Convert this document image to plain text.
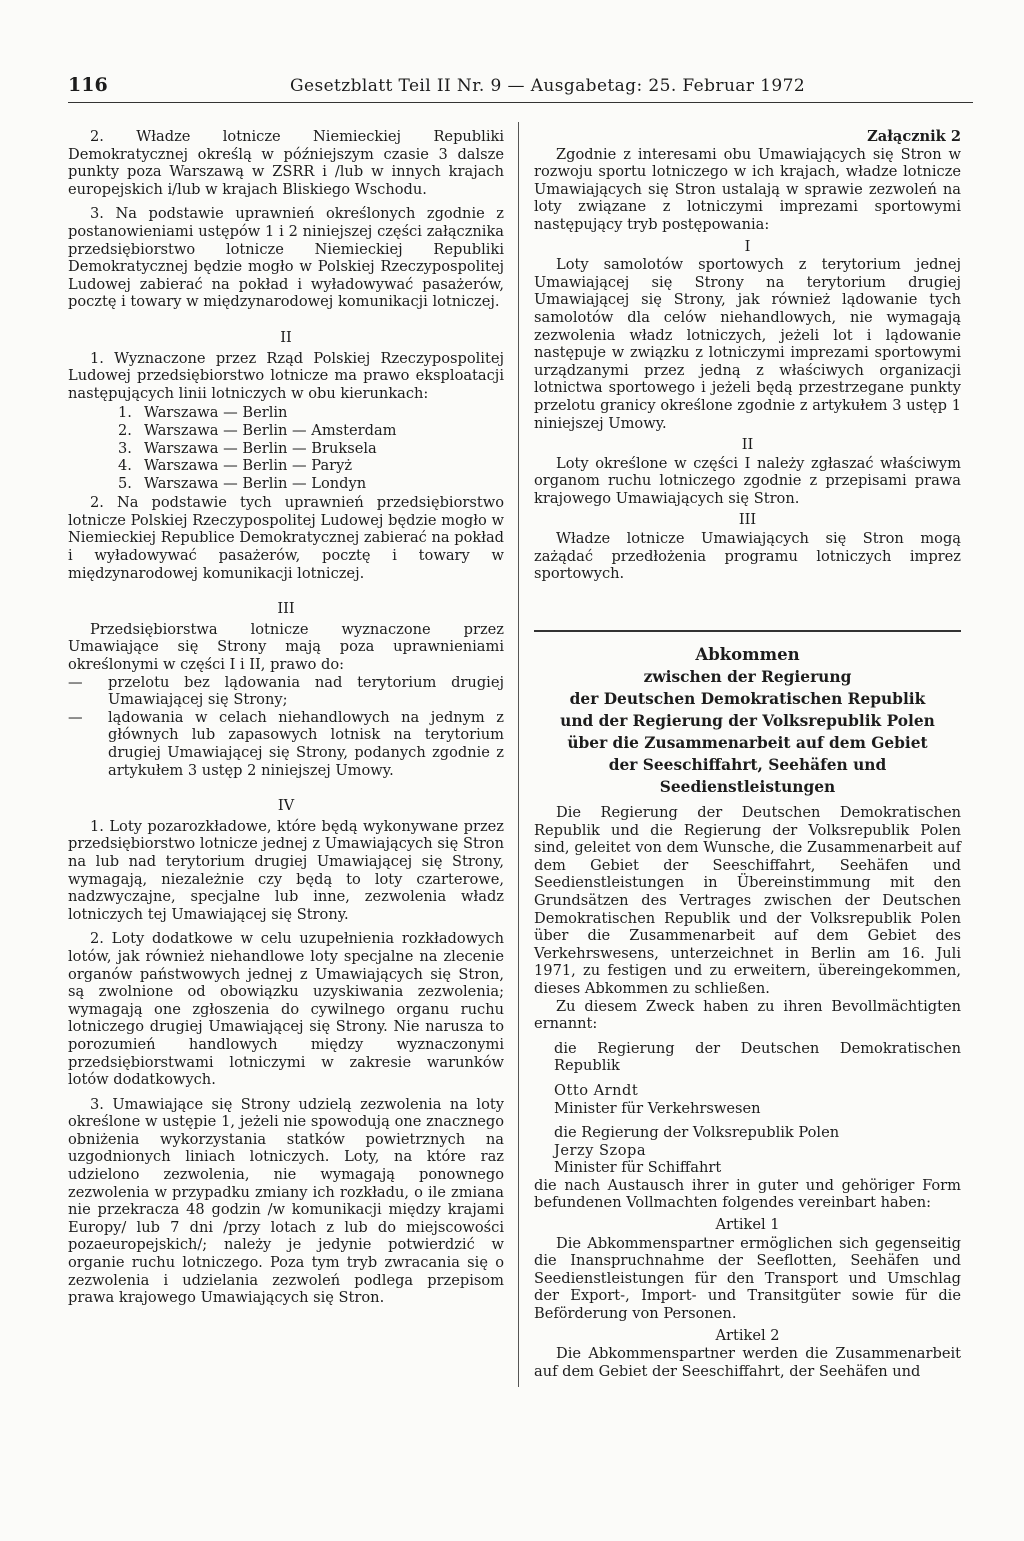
116	Gesetzblatt Teil II Nr. 9 — Ausgabetag: 25. Februar 1972

2. Władze lotnicze Niemieckiej Republiki Demokratycznej określą w późniejszym czasie 3 dalsze punkty poza Warszawą w ZSRR i /lub w innych krajach europejskich i/lub w krajach Bliskiego Wschodu.

3. Na podstawie uprawnień określonych zgodnie z postanowieniami ustępów 1 i 2 niniejszej części załącznika przedsiębiorstwo lotnicze Niemieckiej Republiki Demokratycznej będzie mogło w Polskiej Rzeczypospolitej Ludowej zabierać na pokład i wyładowywać pasażerów, pocztę i towary w międzynarodowej komunikacji lotniczej.

II

1. Wyznaczone przez Rząd Polskiej Rzeczypospolitej Ludowej przedsiębiorstwo lotnicze ma prawo eksploatacji następujących linii lotniczych w obu kierunkach:

1. Warszawa — Berlin
2. Warszawa — Berlin — Amsterdam
3. Warszawa — Berlin — Bruksela
4. Warszawa — Berlin — Paryż
5. Warszawa — Berlin — Londyn

2. Na podstawie tych uprawnień przedsiębiorstwo lotnicze Polskiej Rzeczypospolitej Ludowej będzie mogło w Niemieckiej Republice Demokratycznej zabierać na pokład i wyładowywać pasażerów, pocztę i towary w międzynarodowej komunikacji lotniczej.

III

Przedsiębiorstwa lotnicze wyznaczone przez Umawiające się Strony mają poza uprawnieniami określonymi w części I i II, prawo do:

—	przelotu bez lądowania nad terytorium drugiej Umawiającej się Strony;
—	lądowania w celach niehandlowych na jednym z głównych lub zapasowych lotnisk na terytorium drugiej Umawiającej się Strony, podanych zgodnie z artykułem 3 ustęp 2 niniejszej Umowy.

IV

1. Loty pozarozkładowe, które będą wykonywane przez przedsiębiorstwo lotnicze jednej z Umawiających się Stron na lub nad terytorium drugiej Umawiającej się Strony, wymagają, niezależnie czy będą to loty czarterowe, nadzwyczajne, specjalne lub inne, zezwolenia władz lotniczych tej Umawiającej się Strony.

2. Loty dodatkowe w celu uzupełnienia rozkładowych lotów, jak również niehandlowe loty specjalne na zlecenie organów państwowych jednej z Umawiających się Stron, są zwolnione od obowiązku uzyskiwania zezwolenia; wymagają one zgłoszenia do cywilnego organu ruchu lotniczego drugiej Umawiającej się Strony. Nie narusza to porozumień handlowych między wyznaczonymi przedsiębiorstwami lotniczymi w zakresie warunków lotów dodatkowych.

3. Umawiające się Strony udzielą zezwolenia na loty określone w ustępie 1, jeżeli nie spowodują one znacznego obniżenia wykorzystania statków powietrznych na uzgodnionych liniach lotniczych. Loty, na które raz udzielono zezwolenia, nie wymagają ponownego zezwolenia w przypadku zmiany ich rozkładu, o ile zmiana nie przekracza 48 godzin /w komunikacji między krajami Europy/ lub 7 dni /przy lotach z lub do miejscowości pozaeuropejskich/; należy je jedynie potwierdzić w organie ruchu lotniczego. Poza tym tryb zwracania się o zezwolenia i udzielania zezwoleń podlega przepisom prawa krajowego Umawiających się Stron.

Załącznik 2

Zgodnie z interesami obu Umawiających się Stron w rozwoju sportu lotniczego w ich krajach, władze lotnicze Umawiających się Stron ustalają w sprawie zezwoleń na loty związane z lotniczymi imprezami sportowymi następujący tryb postępowania:

I

Loty samolotów sportowych z terytorium jednej Umawiającej się Strony na terytorium drugiej Umawiającej się Strony, jak również lądowanie tych samolotów dla celów niehandlowych, nie wymagają zezwolenia władz lotniczych, jeżeli lot i lądowanie następuje w związku z lotniczymi imprezami sportowymi urządzanymi przez jedną z właściwych organizacji lotnictwa sportowego i jeżeli będą przestrzegane punkty przelotu granicy określone zgodnie z artykułem 3 ustęp 1 niniejszej Umowy.

II

Loty określone w części I należy zgłaszać właściwym organom ruchu lotniczego zgodnie z przepisami prawa krajowego Umawiających się Stron.

III

Władze lotnicze Umawiających się Stron mogą zażądać przedłożenia programu lotniczych imprez sportowych.

Abkommen

zwischen der Regierung

der Deutschen Demokratischen Republik

und der Regierung der Volksrepublik Polen

über die Zusammenarbeit auf dem Gebiet

der Seeschiffahrt, Seehäfen und Seedienstleistungen

Die Regierung der Deutschen Demokratischen Republik und die Regierung der Volksrepublik Polen sind, geleitet von dem Wunsche, die Zusammenarbeit auf dem Gebiet der Seeschiffahrt, Seehäfen und Seedienstleistungen in Übereinstimmung mit den Grundsätzen des Vertrages zwischen der Deutschen Demokratischen Republik und der Volksrepublik Polen über die Zusammenarbeit auf dem Gebiet des Verkehrswesens, unterzeichnet in Berlin am 16. Juli 1971, zu festigen und zu erweitern, übereingekommen, dieses Abkommen zu schließen.

Zu diesem Zweck haben zu ihren Bevollmächtigten ernannt:

die Regierung der Deutschen Demokratischen Republik

Otto Arndt

Minister für Verkehrswesen

die Regierung der Volksrepublik Polen

Jerzy Szopa

Minister für Schiffahrt

die nach Austausch ihrer in guter und gehöriger Form befundenen Vollmachten folgendes vereinbart haben:

Artikel 1

Die Abkommenspartner ermöglichen sich gegenseitig die Inanspruchnahme der Seeflotten, Seehäfen und Seedienstleistungen für den Transport und Umschlag der Export-, Import- und Transitgüter sowie für die Beförderung von Personen.

Artikel 2

Die Abkommenspartner werden die Zusammenarbeit auf dem Gebiet der Seeschiffahrt, der Seehäfen und
